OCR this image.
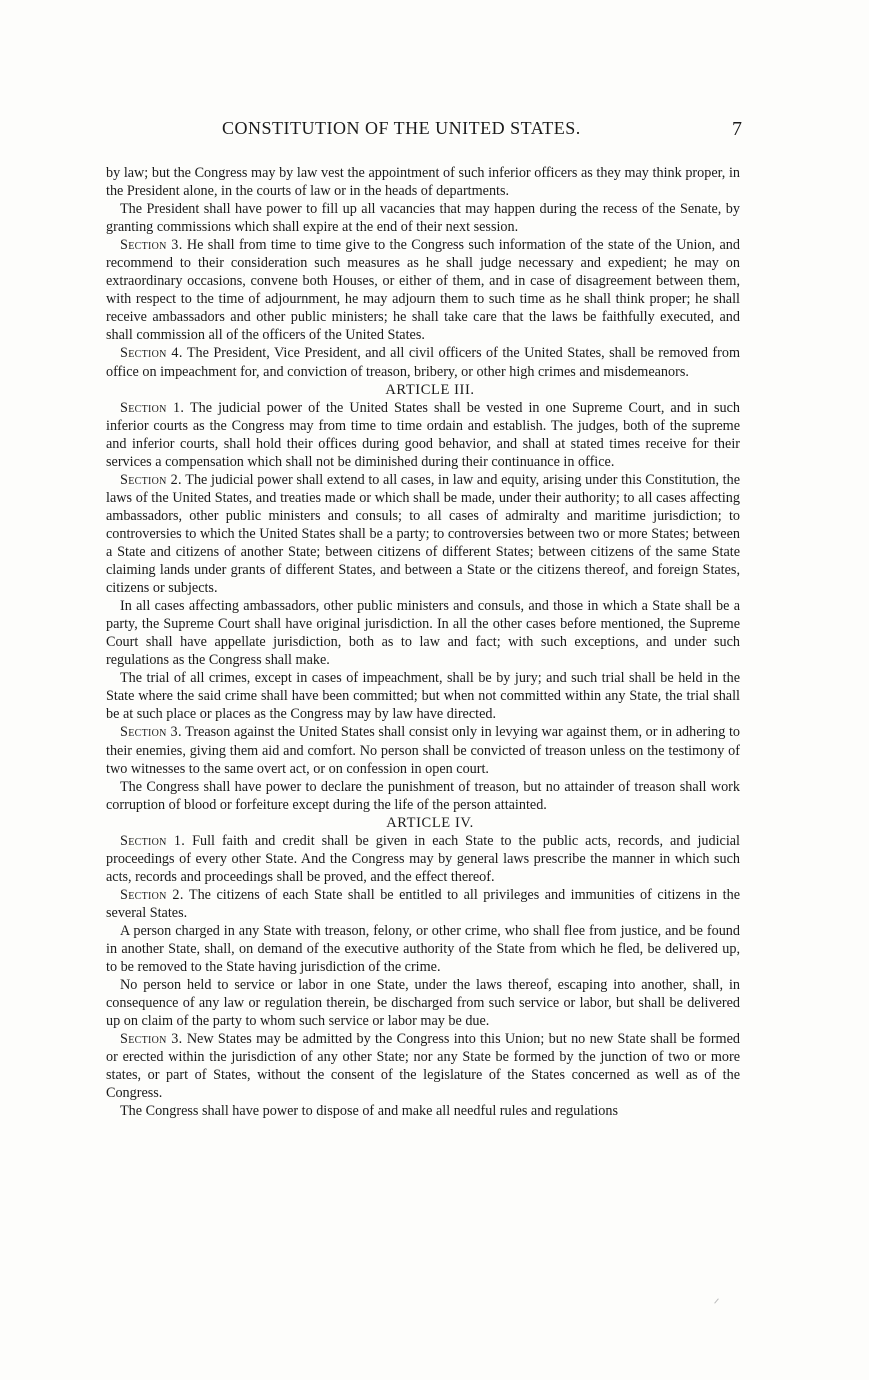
CONSTITUTION OF THE UNITED STATES.	7

by law; but the Congress may by law vest the appointment of such inferior officers as they may think proper, in the President alone, in the courts of law or in the heads of departments.

The President shall have power to fill up all vacancies that may happen during the recess of the Senate, by granting commissions which shall expire at the end of their next session.

Section 3. He shall from time to time give to the Congress such information of the state of the Union, and recommend to their consideration such measures as he shall judge necessary and expedient; he may on extraordinary occasions, convene both Houses, or either of them, and in case of disagreement between them, with respect to the time of adjournment, he may adjourn them to such time as he shall think proper; he shall receive ambassadors and other public ministers; he shall take care that the laws be faithfully executed, and shall commission all of the officers of the United States.

Section 4. The President, Vice President, and all civil officers of the United States, shall be removed from office on impeachment for, and conviction of treason, bribery, or other high crimes and misdemeanors.

ARTICLE III.

Section 1. The judicial power of the United States shall be vested in one Supreme Court, and in such inferior courts as the Congress may from time to time ordain and establish. The judges, both of the supreme and inferior courts, shall hold their offices during good behavior, and shall at stated times receive for their services a compensation which shall not be diminished during their continuance in office.

Section 2. The judicial power shall extend to all cases, in law and equity, arising under this Constitution, the laws of the United States, and treaties made or which shall be made, under their authority; to all cases affecting ambassadors, other public ministers and consuls; to all cases of admiralty and maritime jurisdiction; to controversies to which the United States shall be a party; to controversies between two or more States; between a State and citizens of another State; between citizens of different States; between citizens of the same State claiming lands under grants of different States, and between a State or the citizens thereof, and foreign States, citizens or subjects.

In all cases affecting ambassadors, other public ministers and consuls, and those in which a State shall be a party, the Supreme Court shall have original jurisdiction. In all the other cases before mentioned, the Supreme Court shall have appellate jurisdiction, both as to law and fact; with such exceptions, and under such regulations as the Congress shall make.

The trial of all crimes, except in cases of impeachment, shall be by jury; and such trial shall be held in the State where the said crime shall have been committed; but when not committed within any State, the trial shall be at such place or places as the Congress may by law have directed.

Section 3. Treason against the United States shall consist only in levying war against them, or in adhering to their enemies, giving them aid and comfort. No person shall be convicted of treason unless on the testimony of two witnesses to the same overt act, or on confession in open court.

The Congress shall have power to declare the punishment of treason, but no attainder of treason shall work corruption of blood or forfeiture except during the life of the person attainted.

ARTICLE IV.

Section 1. Full faith and credit shall be given in each State to the public acts, records, and judicial proceedings of every other State. And the Congress may by general laws prescribe the manner in which such acts, records and proceedings shall be proved, and the effect thereof.

Section 2. The citizens of each State shall be entitled to all privileges and immunities of citizens in the several States.

A person charged in any State with treason, felony, or other crime, who shall flee from justice, and be found in another State, shall, on demand of the executive authority of the State from which he fled, be delivered up, to be removed to the State having jurisdiction of the crime.

No person held to service or labor in one State, under the laws thereof, escaping into another, shall, in consequence of any law or regulation therein, be discharged from such service or labor, but shall be delivered up on claim of the party to whom such service or labor may be due.

Section 3. New States may be admitted by the Congress into this Union; but no new State shall be formed or erected within the jurisdiction of any other State; nor any State be formed by the junction of two or more states, or part of States, without the consent of the legislature of the States concerned as well as of the Congress.

The Congress shall have power to dispose of and make all needful rules and regulations
